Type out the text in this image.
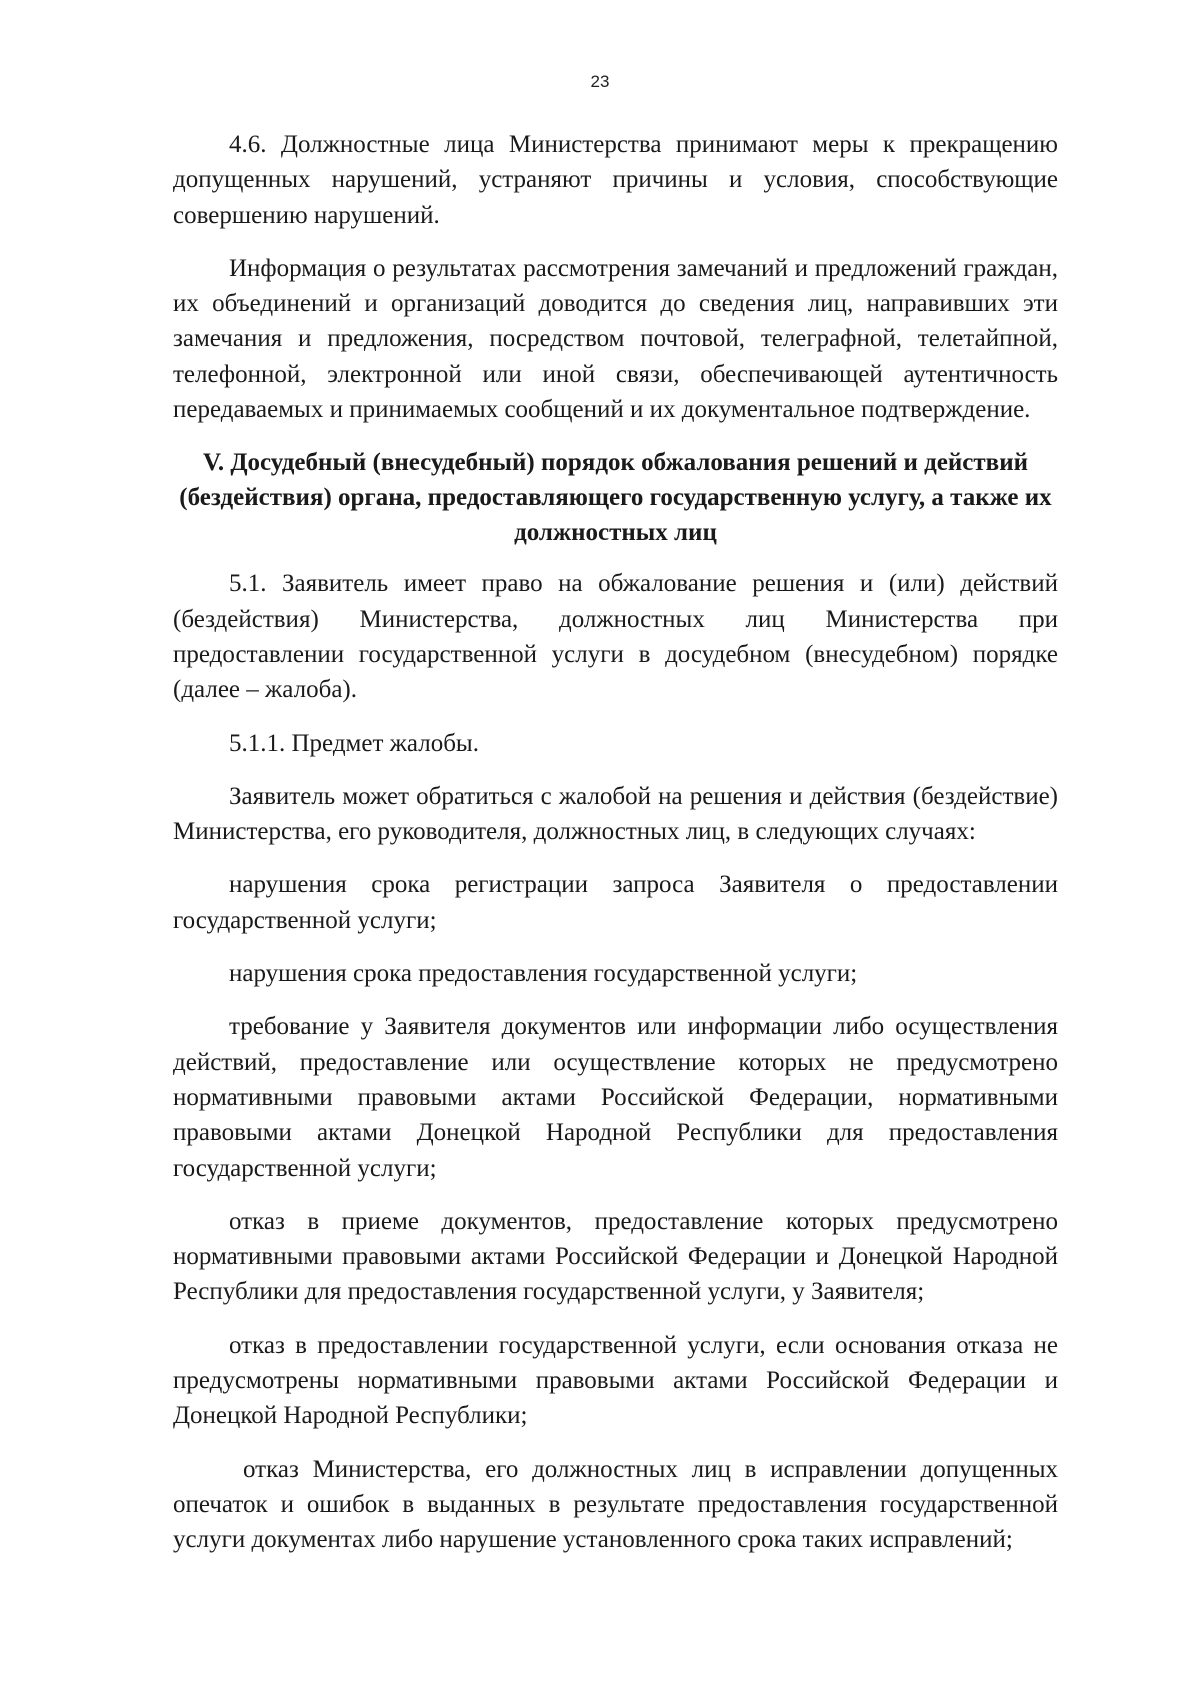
23

4.6. Должностные лица Министерства принимают меры к прекращению допущенных нарушений, устраняют причины и условия, способствующие совершению нарушений.

Информация о результатах рассмотрения замечаний и предложений граждан, их объединений и организаций доводится до сведения лиц, направивших эти замечания и предложения, посредством почтовой, телеграфной, телетайпной, телефонной, электронной или иной связи, обеспечивающей аутентичность передаваемых и принимаемых сообщений и их документальное подтверждение.

V. Досудебный (внесудебный) порядок обжалования решений и действий (бездействия) органа, предоставляющего государственную услугу, а также их должностных лиц

5.1. Заявитель имеет право на обжалование решения и (или) действий (бездействия) Министерства, должностных лиц Министерства при предоставлении государственной услуги в досудебном (внесудебном) порядке (далее – жалоба).

5.1.1. Предмет жалобы.

Заявитель может обратиться с жалобой на решения и действия (бездействие) Министерства, его руководителя, должностных лиц, в следующих случаях:

нарушения срока регистрации запроса Заявителя о предоставлении государственной услуги;

нарушения срока предоставления государственной услуги;

требование у Заявителя документов или информации либо осуществления действий, предоставление или осуществление которых не предусмотрено нормативными правовыми актами Российской Федерации, нормативными правовыми актами Донецкой Народной Республики для предоставления государственной услуги;

отказ в приеме документов, предоставление которых предусмотрено нормативными правовыми актами Российской Федерации и Донецкой Народной Республики для предоставления государственной услуги, у Заявителя;

отказ в предоставлении государственной услуги, если основания отказа не предусмотрены нормативными правовыми актами Российской Федерации и Донецкой Народной Республики;

отказ Министерства, его должностных лиц в исправлении допущенных опечаток и ошибок в выданных в результате предоставления государственной услуги документах либо нарушение установленного срока таких исправлений;
